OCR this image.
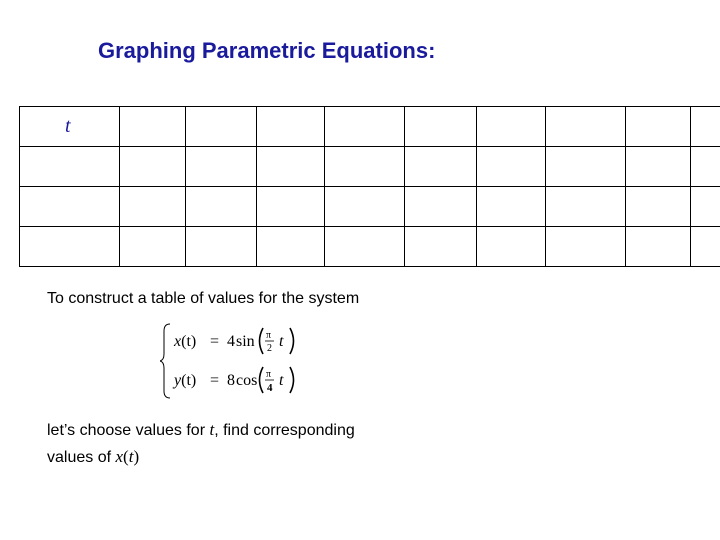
Graphing Parametric Equations:
t									

To construct a table of values for the system
x(t) = 4sin π
2 t
y(t) = 8cos π
4 t
let’s choose values for t, find corresponding
values of x(t)
